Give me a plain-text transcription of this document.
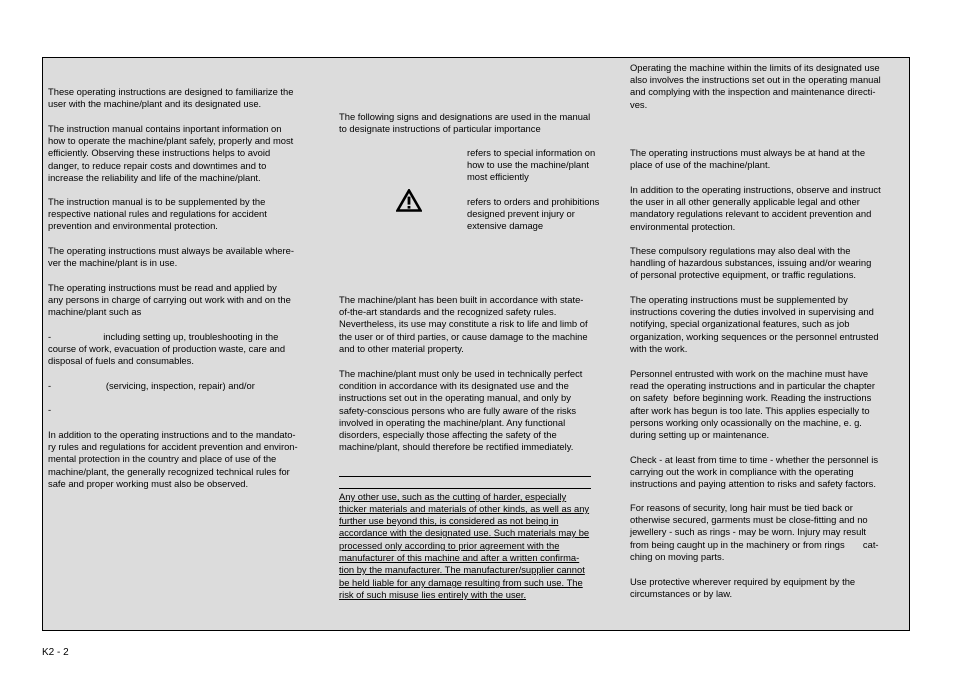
These operating instructions are designed to familiarize the
user with the machine/plant and its designated use.

The instruction manual contains inportant information on
how to operate the machine/plant safely, properly and most
efficiently. Observing these instructions helps to avoid
danger, to reduce repair costs and downtimes and to
increase the reliability and life of the machine/plant.

The instruction manual is to be supplemented by the
respective national rules and regulations for accident
prevention and environmental protection.

The operating instructions must always be available where-
ver the machine/plant is in use.

The operating instructions must be read and applied by
any persons in charge of carrying out work with and on the
machine/plant such as

-                    including setting up, troubleshooting in the
course of work, evacuation of production waste, care and
disposal of fuels and consumables.

-                     (servicing, inspection, repair) and/or

-

In addition to the operating instructions and to the mandato-
ry rules and regulations for accident prevention and environ-
mental protection in the country and place of use of the
machine/plant, the generally recognized technical rules for
safe and proper working must also be observed.

The following signs and designations are used in the manual
to designate instructions of particular importance

refers to special information on
how to use the machine/plant
most efficiently

refers to orders and prohibitions
designed prevent injury or
extensive damage

The machine/plant has been built in accordance with state-
of-the-art standards and the recognized safety rules.
Nevertheless, its use may constitute a risk to life and limb of
the user or of third parties, or cause damage to the machine
and to other material property.

The machine/plant must only be used in technically perfect
condition in accordance with its designated use and the
instructions set out in the operating manual, and only by
safety-conscious persons who are fully aware of the risks
involved in operating the machine/plant. Any functional
disorders, especially those affecting the safety of the
machine/plant, should therefore be rectified immediately.

Any other use, such as the cutting of harder, especially

thicker materials and materials of other kinds, as well as any

further use beyond this, is considered as not being in

accordance with the designated use. Such materials may be

processed only according to prior agreement with the

manufacturer of this machine and after a written confirma-

tion by the manufacturer. The manufacturer/supplier cannot

be held liable for any damage resulting from such use. The

risk of such misuse lies entirely with the user.

Operating the machine within the limits of its designated use
also involves the instructions set out in the operating manual
and complying with the inspection and maintenance directi-
ves.

The operating instructions must always be at hand at the
place of use of the machine/plant.

In addition to the operating instructions, observe and instruct
the user in all other generally applicable legal and other
mandatory regulations relevant to accident prevention and
environmental protection.

These compulsory regulations may also deal with the
handling of hazardous substances, issuing and/or wearing
of personal protective equipment, or traffic regulations.

The operating instructions must be supplemented by
instructions covering the duties involved in supervising and
notifying, special organizational features, such as job
organization, working sequences or the personnel entrusted
with the work.

Personnel entrusted with work on the machine must have
read the operating instructions and in particular the chapter
on safety  before beginning work. Reading the instructions
after work has begun is too late. This applies especially to
persons working only ocassionally on the machine, e. g.
during setting up or maintenance.

Check - at least from time to time - whether the personnel is
carrying out the work in compliance with the operating
instructions and paying attention to risks and safety factors.

For reasons of security, long hair must be tied back or
otherwise secured, garments must be close-fitting and no
jewellery - such as rings - may be worn. Injury may result
from being caught up in the machinery or from rings       cat-
ching on moving parts.

Use protective wherever required by equipment by the
circumstances or by law.

K2 - 2
